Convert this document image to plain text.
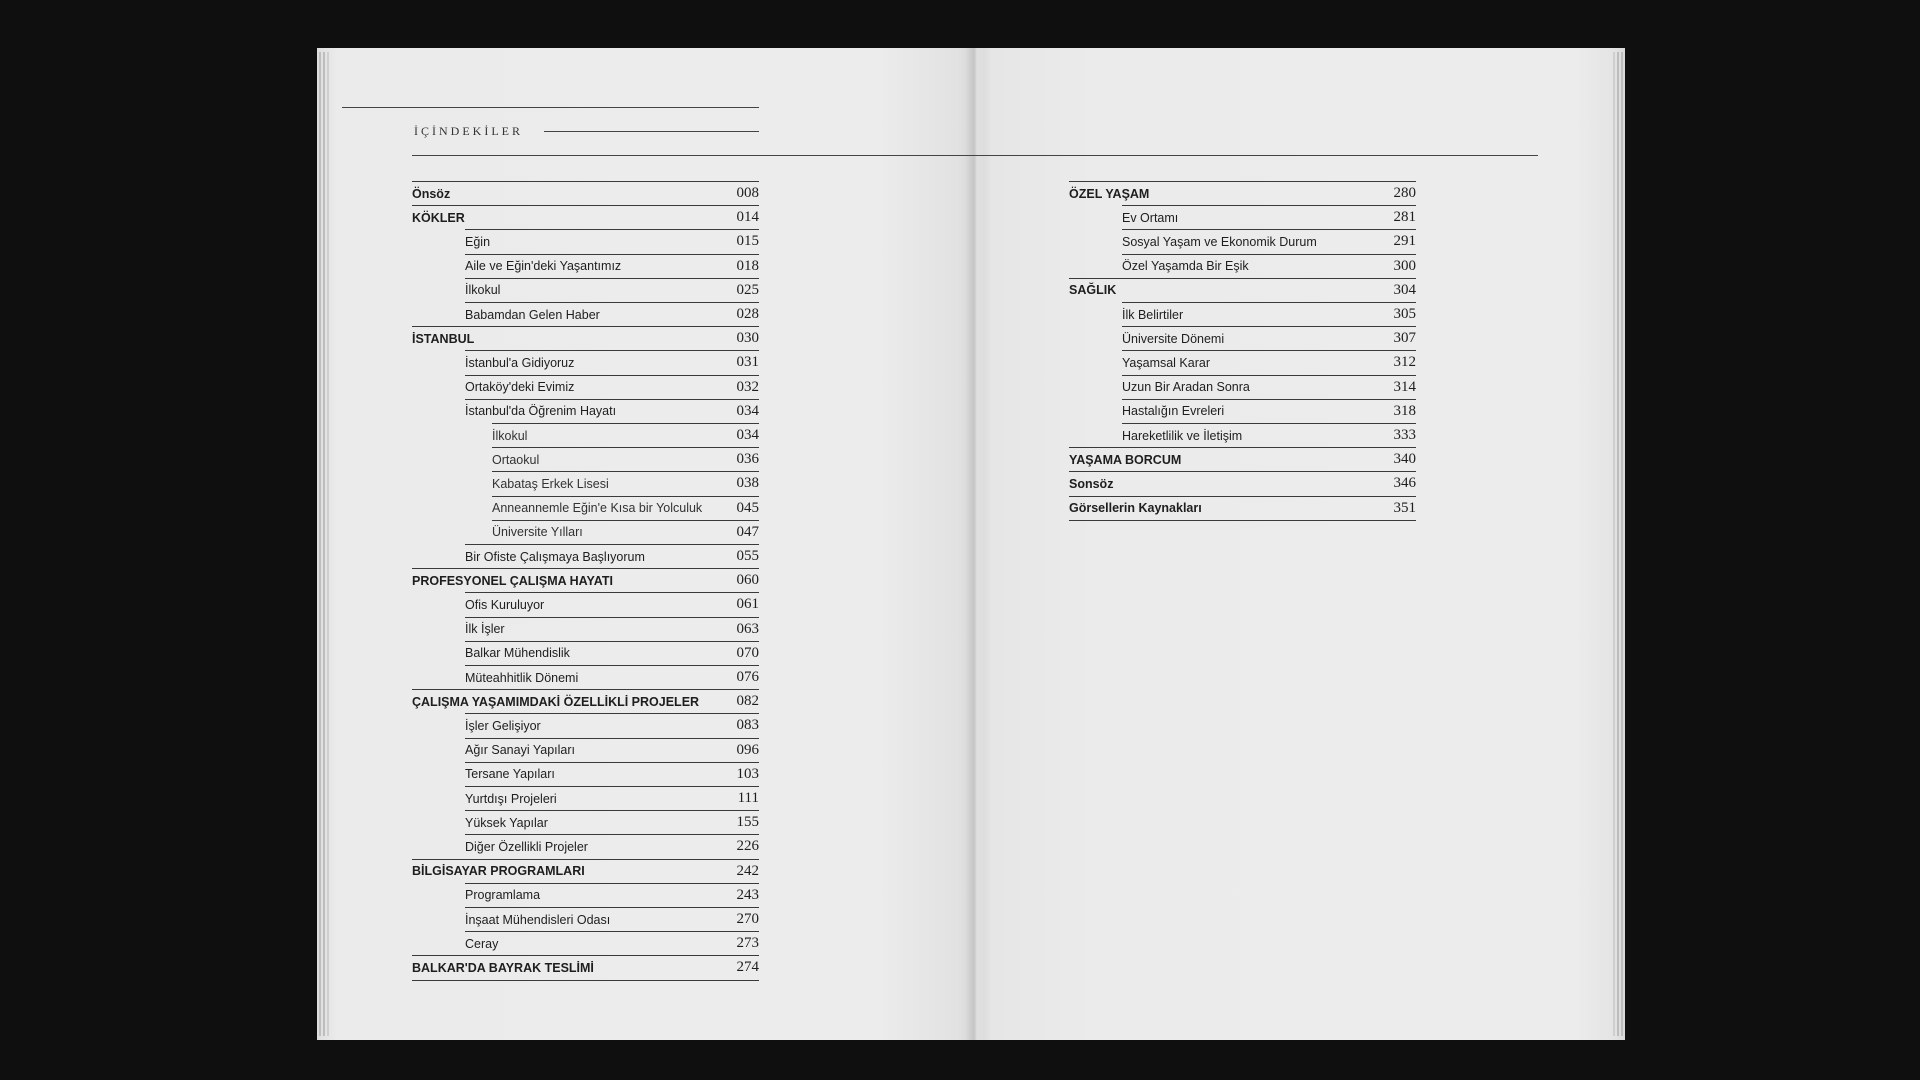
İÇİNDEKİLER
Önsöz	008
KÖKLER	014
Eğin	015
Aile ve Eğin'deki Yaşantımız	018
İlkokul	025
Babamdan Gelen Haber	028
İSTANBUL	030
İstanbul'a Gidiyoruz	031
Ortaköy'deki Evimiz	032
İstanbul'da Öğrenim Hayatı	034
İlkokul	034
Ortaokul	036
Kabataş Erkek Lisesi	038
Anneannemle Eğin'e Kısa bir Yolculuk 045
Üniversite Yılları	047
Bir Ofiste Çalışmaya Başlıyorum	055
PROFESYONEL ÇALIŞMA HAYATI	060
Ofis Kuruluyor	061
İlk İşler	063
Balkar Mühendislik	070
Müteahhitlik Dönemi	076
ÇALIŞMA YAŞAMIMDAKİ ÖZELLİKLİ PROJELER 082
İşler Gelişiyor	083
Ağır Sanayi Yapıları	096
Tersane Yapıları	103
Yurtdışı Projeleri	111
Yüksek Yapılar	155
Diğer Özellikli Projeler	226
BİLGİSAYAR PROGRAMLARI	242
Programlama	243
İnşaat Mühendisleri Odası	270
Ceray	273
BALKAR'DA BAYRAK TESLİMİ	274
ÖZEL YAŞAM	280
Ev Ortamı	281
Sosyal Yaşam ve Ekonomik Durum	291
Özel Yaşamda Bir Eşik	300
SAĞLIK	304
İlk Belirtiler	305
Üniversite Dönemi	307
Yaşamsal Karar	312
Uzun Bir Aradan Sonra	314
Hastalığın Evreleri	318
Hareketlilik ve İletişim	333
YAŞAMA BORCUM	340
Sonsöz	346
Görsellerin Kaynakları	351
